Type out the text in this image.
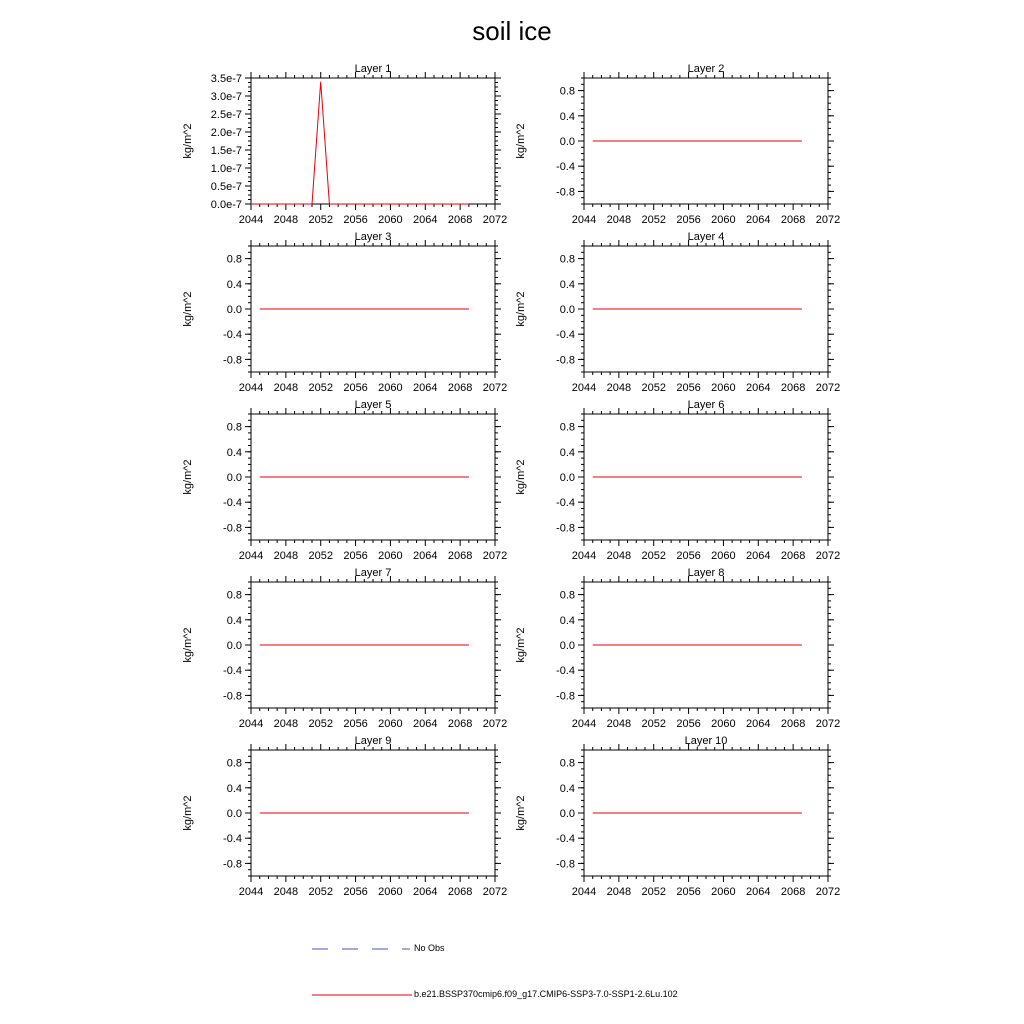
soil ice
Layer 1
kg/m^2
2044 2048 2052 2056 2060 2064 2068 2072
0.0e-7
0.5e-7
1.0e-7
1.5e-7
2.0e-7
2.5e-7
3.0e-7
3.5e-7
Layer 2
kg/m^2
2044 2048 2052 2056 2060 2064 2068 2072
-0.8
-0.4
0.0
0.4
0.8
Layer 3
kg/m^2
2044 2048 2052 2056 2060 2064 2068 2072
-0.8
-0.4
0.0
0.4
0.8
Layer 4
kg/m^2
2044 2048 2052 2056 2060 2064 2068 2072
-0.8
-0.4
0.0
0.4
0.8
Layer 5
kg/m^2
2044 2048 2052 2056 2060 2064 2068 2072
-0.8
-0.4
0.0
0.4
0.8
Layer 6
kg/m^2
2044 2048 2052 2056 2060 2064 2068 2072
-0.8
-0.4
0.0
0.4
0.8
Layer 7
kg/m^2
2044 2048 2052 2056 2060 2064 2068 2072
-0.8
-0.4
0.0
0.4
0.8
Layer 8
kg/m^2
2044 2048 2052 2056 2060 2064 2068 2072
-0.8
-0.4
0.0
0.4
0.8
Layer 9
kg/m^2
2044 2048 2052 2056 2060 2064 2068 2072
-0.8
-0.4
0.0
0.4
0.8
Layer 10
kg/m^2
2044 2048 2052 2056 2060 2064 2068 2072
-0.8
-0.4
0.0
0.4
0.8
No Obs
b.e21.BSSP370cmip6.f09_g17.CMIP6-SSP3-7.0-SSP1-2.6Lu.102
